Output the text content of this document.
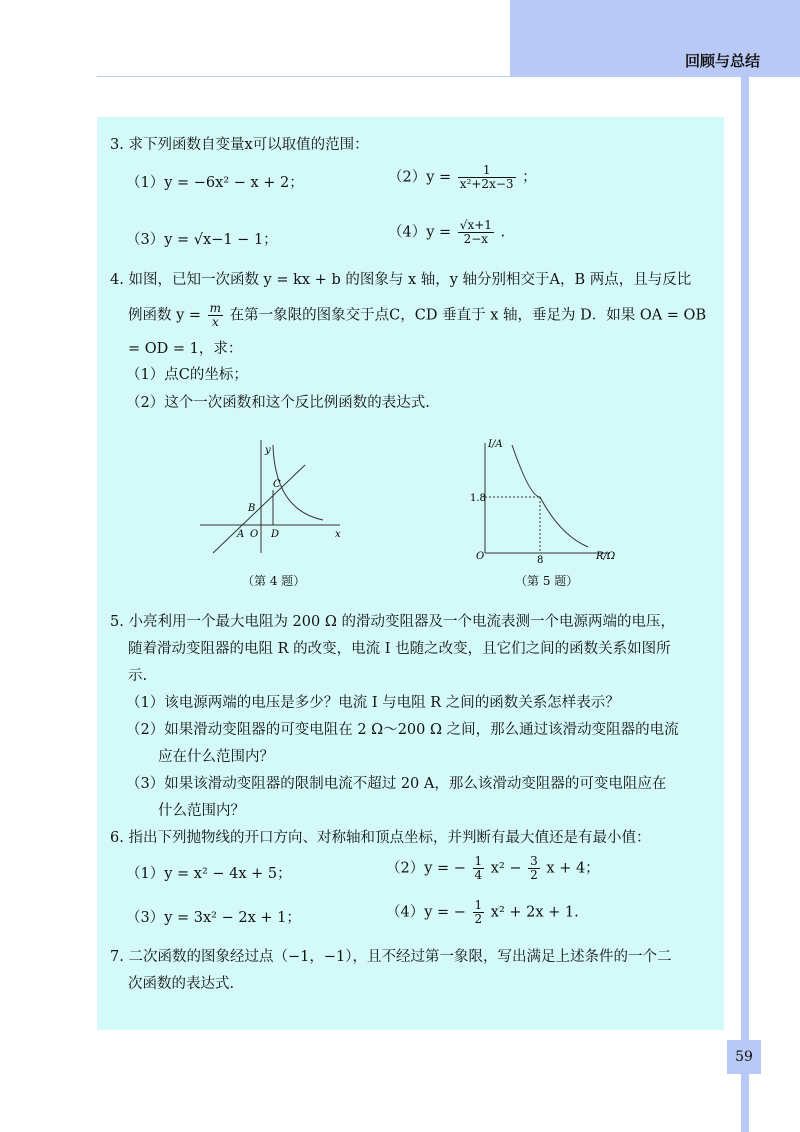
回顾与总结
3. 求下列函数自变量x可以取值的范围：
（1）y = −6x² − x + 2；	$(2)y = \frac{1}{\text{x²+2x−3}}$ ；
（3）y = √x−1 − 1；	$(4)y = \frac{√x+1}{2-x}$ .
4. 如图，已知一次函数 y = kx + b 的图象与 x 轴，y 轴分别相交于A，B 两点，且与反比
例函数 $y = \frac{m}{x}$ 在第一象限的图象交于点C，CD 垂直于 x 轴，垂足为 D．如果 OA = OB
= OD = 1，求：
（1）点C的坐标；
（2）这个一次函数和这个反比例函数的表达式.
y
x
B
C
A O D
（第 4 题）
I/A
R/Ω
O
1.8
8
（第 5 题）
5. 小亮利用一个最大电阻为 200 Ω 的滑动变阻器及一个电流表测一个电源两端的电压，
随着滑动变阻器的电阻 R 的改变，电流 I 也随之改变，且它们之间的函数关系如图所
示.
（1）该电源两端的电压是多少？电流 I 与电阻 R 之间的函数关系怎样表示？
（2）如果滑动变阻器的可变电阻在 2 Ω～200 Ω 之间，那么通过该滑动变阻器的电流
应在什么范围内？
（3）如果该滑动变阻器的限制电流不超过 20 A，那么该滑动变阻器的可变电阻应在
什么范围内？
6. 指出下列抛物线的开口方向、对称轴和顶点坐标，并判断有最大值还是有最小值：
（1）y = x² − 4x + 5；	（2）y = − $\frac{1}{4} x^2 - \frac{3}{2}$ x + 4；
（3）y = 3x² − 2x + 1；	（4）y = − $\frac{1}{2} x^2 + 2x + 1$.
7. 二次函数的图象经过点（−1，−1），且不经过第一象限，写出满足上述条件的一个二
次函数的表达式.
59
